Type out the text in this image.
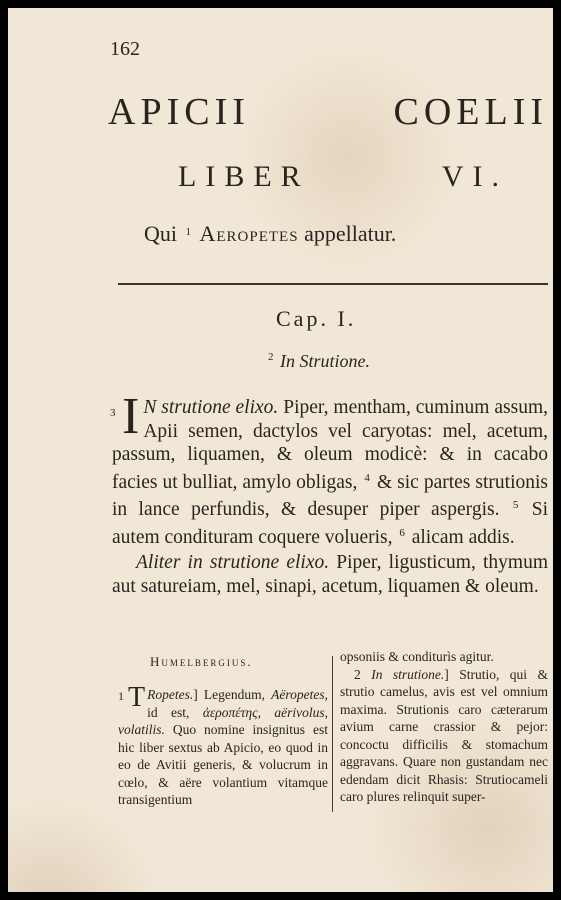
162
APICII COELII
LIBER VI.
Qui $^1$ Aeropetes appellatur.
Cap. I.
$^2$ In Strutione.
3 I N strutione elixo. Piper, mentham, cuminum assum, Apii semen, dactylos vel caryotas: mel, acetum, passum, liquamen, & oleum modicè: & in cacabo facies ut bulliat, amylo obligas, $^4$ & sic partes strutionis in lance perfundis, & desuper piper aspergis. $^5$ Si autem condituram coquere volueris, $^6$ alicam addis.

Aliter in strutione elixo. Piper, ligusticum, thymum aut satureiam, mel, sinapi, acetum, liquamen & oleum.

Humelbergius.
1 T Ropetes.] Legendum, Aëropetes, id est, ἀεροπέτης, aërivolus, volatilis. Quo nomine insignitus est hic liber sextus ab Apicio, eo quod in eo de Avitii generis, & volucrum in cœlo, & aëre volantium vitamque transigentium

opsoniis & conditurìs agitur.

2 In strutione.] Strutio, qui & strutio camelus, avis est vel omnium maxima. Strutionis caro cæterarum avium carne crassior & pejor: concoctu difficilis & stomachum aggravans. Quare non gustandam nec edendam dicit Rhasis: Strutiocameli caro plures relinquit super-
